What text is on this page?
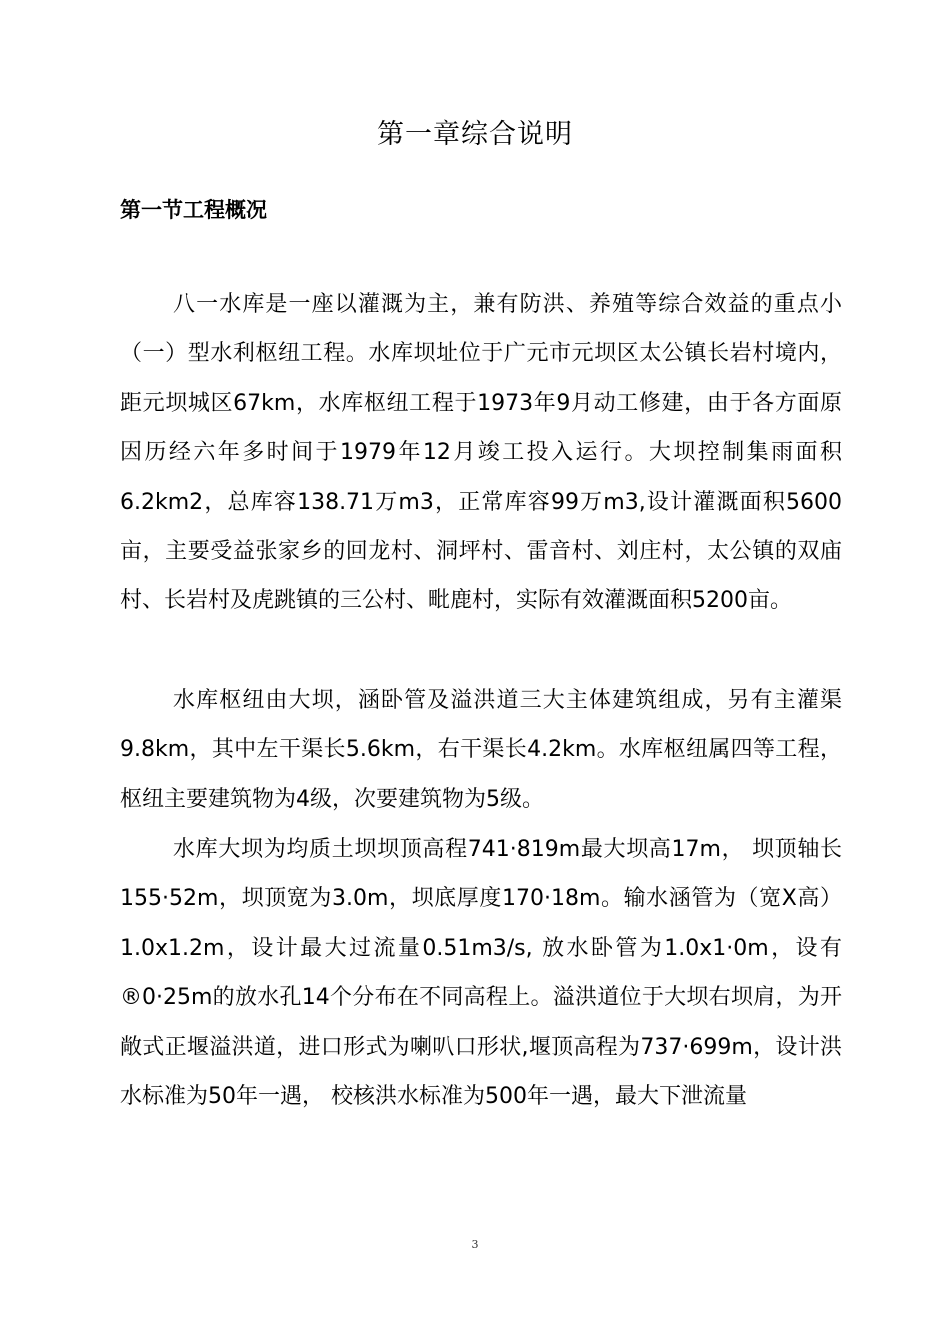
第一章综合说明
第一节工程概况

八一水库是一座以灌溉为主，兼有防洪、养殖等综合效益的重点小（一）型水利枢纽工程。水库坝址位于广元市元坝区太公镇长岩村境内，距元坝城区67km，水库枢纽工程于1973年9月动工修建，由于各方面原因历经六年多时间于1979年12月竣工投入运行。大坝控制集雨面积6.2km2，总库容138.71万m3，正常库容99万m3,设计灌溉面积5600亩，主要受益张家乡的回龙村、洞坪村、雷音村、刘庄村，太公镇的双庙村、长岩村及虎跳镇的三公村、毗鹿村，实际有效灌溉面积5200亩。

水库枢纽由大坝，涵卧管及溢洪道三大主体建筑组成，另有主灌渠9.8km，其中左干渠长5.6km，右干渠长4.2km。水库枢纽属四等工程，枢纽主要建筑物为4级，次要建筑物为5级。

水库大坝为均质土坝坝顶高程741·819m最大坝高17m， 坝顶轴长155·52m，坝顶宽为3.0m，坝底厚度170·18m。输水涵管为（宽X高） 1.0x1.2m，设计最大过流量0.51m3/s, 放水卧管为1.0x1·0m，设有®0·25m的放水孔14个分布在不同高程上。溢洪道位于大坝右坝肩，为开敞式正堰溢洪道，进口形式为喇叭口形状,堰顶高程为737·699m，设计洪水标准为50年一遇， 校核洪水标准为500年一遇，最大下泄流量

3
